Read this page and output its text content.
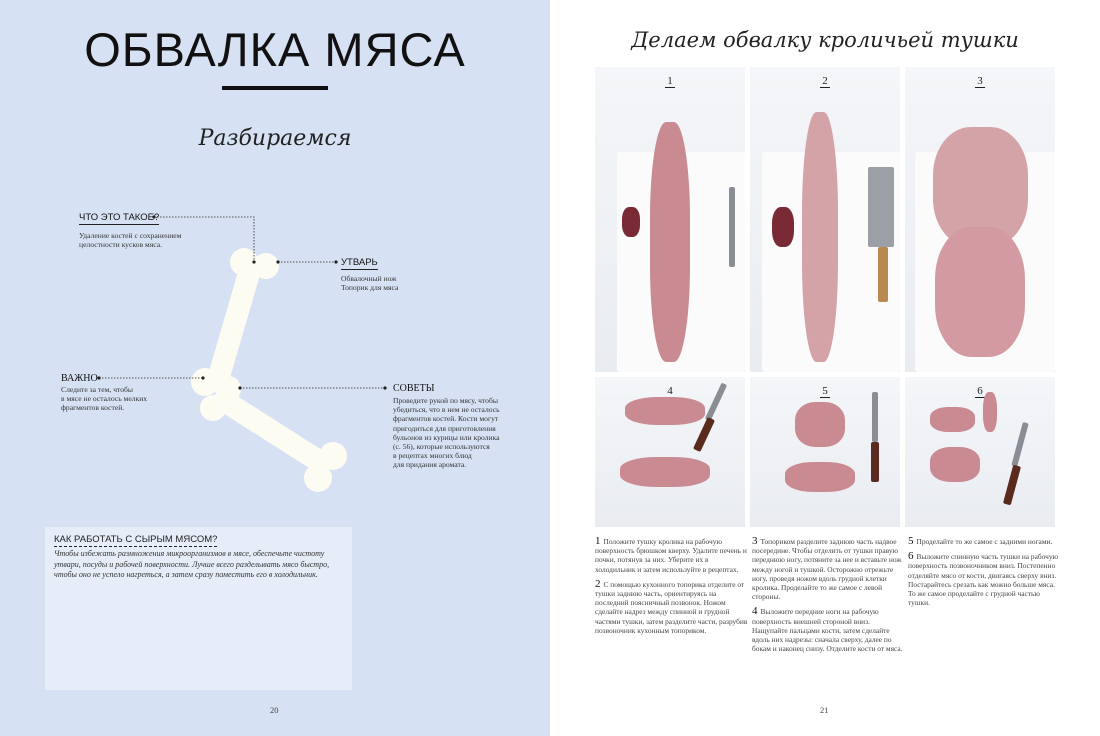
ОБВАЛКА МЯСА
Разбираемся
ЧТО ЭТО ТАКОЕ?
Удаление костей с сохранением
целостности кусков мяса.
УТВАРЬ
Обвалочный нож
Топорик для мяса
ВАЖНО
Следите за тем, чтобы
в мясе не осталось мелких
фрагментов костей.
СОВЕТЫ
Проведите рукой по мясу, чтобы
убедиться, что в нем не осталось
фрагментов костей. Кости могут
пригодиться для приготовления
бульонов из курицы или кролика
(с. 56), которые используются
в рецептах многих блюд
для придания аромата.
КАК РАБОТАТЬ С СЫРЫМ МЯСОМ?

Чтобы избежать размножения микроорганизмов в мясе, обеспечьте чистоту утвари, посуды и рабочей поверхности. Лучше всего разделывать мясо быстро, чтобы оно не успело нагреться, а затем сразу поместить его в холодильник.

20
Делаем обвалку кроличьей тушки
1	2	3
4	5	6

1 Положите тушку кролика на рабочую поверхность брюшком кверху. Удалите печень и почки, потянув за них. Уберите их в холодильник и затем используйте в рецептах.

2 С помощью кухонного топорика отделите от тушки заднюю часть, ориентируясь на последний поясничный позвонок. Ножом сделайте надрез между спинной и грудной частями тушки, затем разделите части, разрубив позвоночник кухонным топориком.

3 Топориком разделите заднюю часть надвое посередине. Чтобы отделить от тушки правую переднюю ногу, потяните за нее и вставьте нож между ногой и тушкой. Осторожно отрежьте ногу, проведя ножом вдоль грудной клетки кролика. Проделайте то же самое с левой стороны.

4 Выложите передние ноги на рабочую поверхность внешней стороной вниз. Нащупайте пальцами кости, затем сделайте вдоль них надрезы: сначала сверху, далее по бокам и наконец снизу. Отделите кости от мяса.

5 Проделайте то же самое с задними ногами.

6 Выложите спинную часть тушки на рабочую поверхность позвоночником вниз. Постепенно отделяйте мясо от кости, двигаясь сверху вниз. Постарайтесь срезать как можно больше мяса. То же самое проделайте с грудной частью тушки.

21
